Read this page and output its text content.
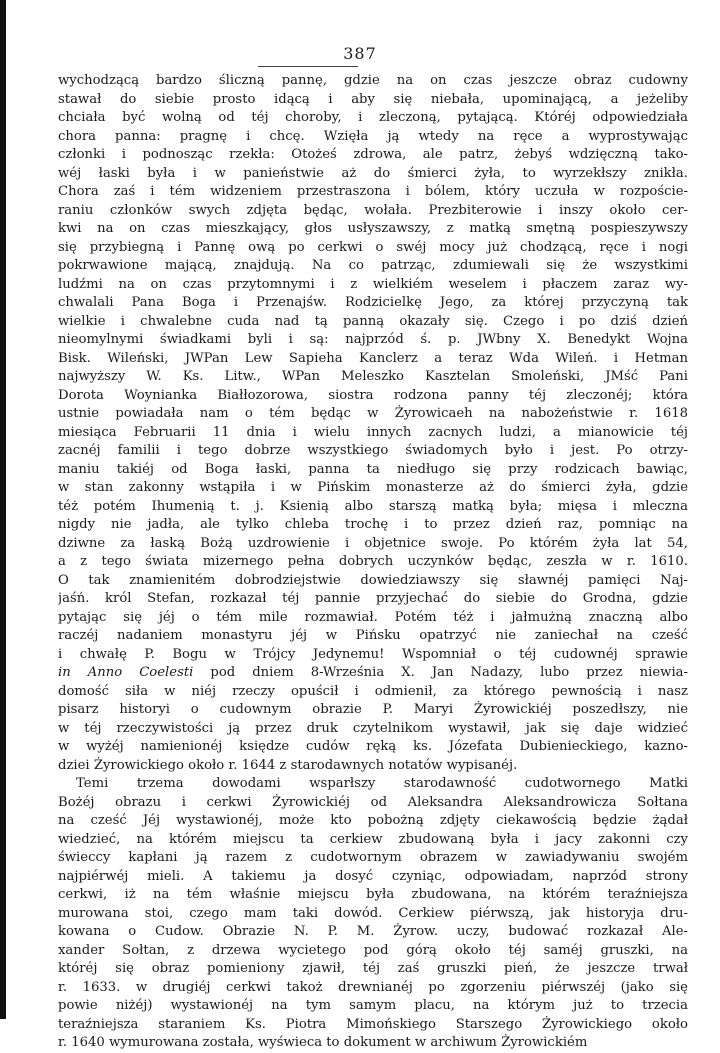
387
wychodzącą bardzo śliczną pannę, gdzie na on czas jeszcze obraz cudowny
stawał do siebie prosto idącą i aby się niebała, upominającą, a jeżeliby
chciała być wolną od téj choroby, i zleczoną, pytającą. Któréj odpowiedziała
chora panna: pragnę i chcę. Wzięła ją wtedy na ręce a wyprostywając
członki i podnosząc rzekła: Otożeś zdrowa, ale patrz, żebyś wdzięczną tako-
wéj łaski była i w panieństwie aż do śmierci żyła, to wyrzekłszy znikła.
Chora zaś i tém widzeniem przestraszona i bólem, który uczuła w rozpoście-
raniu członków swych zdjęta będąc, wołała. Prezbiterowie i inszy około cer-
kwi na on czas mieszkający, głos usłyszawszy, z matką smętną pospieszywszy
się przybiegną i Pannę ową po cerkwi o swéj mocy już chodzącą, ręce i nogi
pokrwawione mającą, znajdują. Na co patrząc, zdumiewali się że wszystkimi
ludźmi na on czas przytomnymi i z wielkiém weselem i płaczem zaraz wy-
chwalali Pana Boga i Przenajśw. Rodzicielkę Jego, za której przyczyną tak
wielkie i chwalebne cuda nad tą panną okazały się. Czego i po dziś dzień
nieomylnymi świadkami byli i są: najprzód ś. p. JWbny X. Benedykt Wojna
Bisk. Wileński, JWPan Lew Sapieha Kanclerz a teraz Wda Wileń. i Hetman
najwyższy W. Ks. Litw., WPan Meleszko Kasztelan Smoleński, JMść Pani
Dorota Woynianka Białłozorowa, siostra rodzona panny téj zleczonéj; która
ustnie powiadała nam o tém będąc w Żyrowicaeh na nabożeństwie r. 1618
miesiąca Februarii 11 dnia i wielu innych zacnych ludzi, a mianowicie téj
zacnéj familii i tego dobrze wszystkiego świadomych było i jest. Po otrzy-
maniu takiéj od Boga łaski, panna ta niedługo się przy rodzicach bawiąc,
w stan zakonny wstąpiła i w Pińskim monasterze aż do śmierci żyła, gdzie
téż potém Ihumenią t. j. Ksienią albo starszą matką była; mięsa i mleczna
nigdy nie jadła, ale tylko chleba trochę i to przez dzień raz, pomniąc na
dziwne za łaską Bożą uzdrowienie i objetnice swoje. Po którém żyła lat 54,
a z tego świata mizernego pełna dobrych uczynków będąc, zeszła w r. 1610.
O tak znamienitém dobrodziejstwie dowiedziawszy się sławnéj pamięci Naj-
jaśń. król Stefan, rozkazał téj pannie przyjechać do siebie do Grodna, gdzie
pytając się jéj o tém mile rozmawiał. Potém téż i jałmużną znaczną albo
raczéj nadaniem monastyru jéj w Pińsku opatrzyć nie zaniechał na cześć
i chwałę P. Bogu w Trójcy Jedynemu! Wspomniał o téj cudownéj sprawie
in Anno Coelesti pod dniem 8-Września X. Jan Nadazy, lubo przez niewia-
domość siła w niéj rzeczy opuścił i odmienił, za którego pewnością i nasz
pisarz historyi o cudownym obrazie P. Maryi Żyrowickiéj poszedłszy, nie
w téj rzeczywistości ją przez druk czytelnikom wystawił, jak się daje widzieć
w wyżéj namienionéj księdze cudów ręką ks. Józefata Dubienieckiego, kazno-
dziei Żyrowickiego około r. 1644 z starodawnych notatów wypisanéj.
Temi trzema dowodami wsparłszy starodawność cudotwornego Matki
Bożéj obrazu i cerkwi Żyrowickiéj od Aleksandra Aleksandrowicza Sołtana
na cześć Jéj wystawionéj, może kto pobożną zdjęty ciekawością będzie żądał
wiedzieć, na którém miejscu ta cerkiew zbudowaną była i jacy zakonni czy
świeccy kapłani ją razem z cudotwornym obrazem w zawiadywaniu swojém
najpiérwéj mieli. A takiemu ja dosyć czyniąc, odpowiadam, naprzód strony
cerkwi, iż na tém właśnie miejscu była zbudowana, na którém teraźniejsza
murowana stoi, czego mam taki dowód. Cerkiew piérwszą, jak historyja dru-
kowana o Cudow. Obrazie N. P. M. Żyrow. uczy, budować rozkazał Ale-
xander Sołtan, z drzewa wycietego pod górą około téj saméj gruszki, na
któréj się obraz pomieniony zjawił, téj zaś gruszki pień, że jeszcze trwał
r. 1633. w drugiéj cerkwi takoż drewnianéj po zgorzeniu piérwszéj (jako się
powie niżéj) wystawionéj na tym samym placu, na którym już to trzecia
teraźniejsza staraniem Ks. Piotra Mimońskiego Starszego Żyrowickiego około
r. 1640 wymurowana została, wyświeca to dokument w archiwum Żyrowickiém
